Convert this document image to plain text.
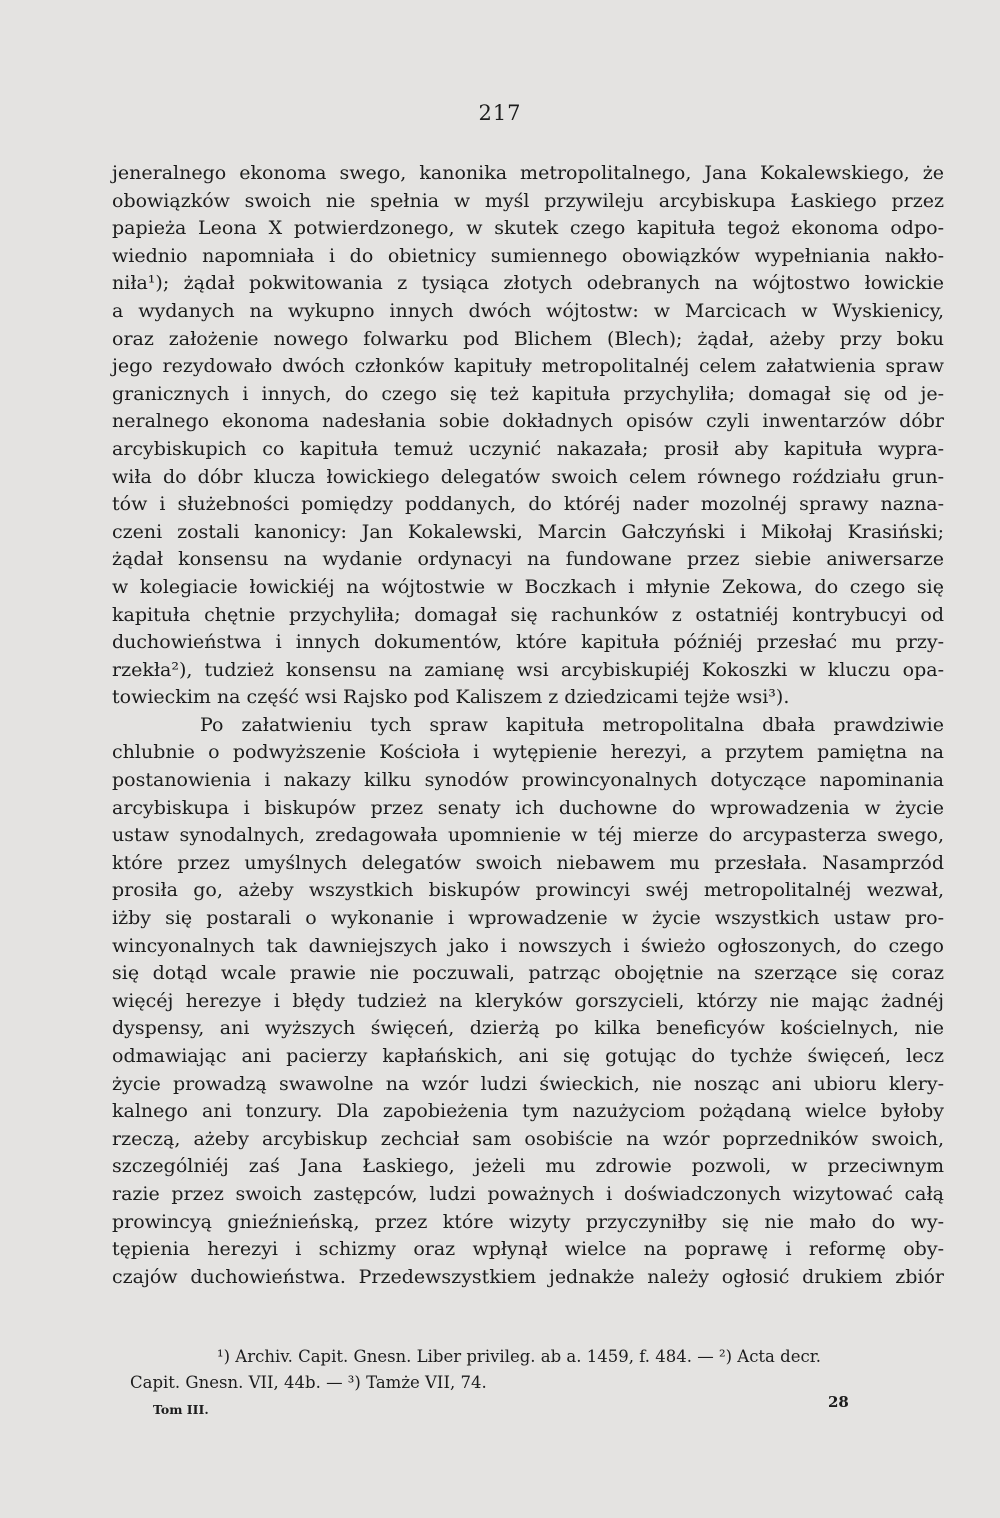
217
jeneralnego ekonoma swego, kanonika metropolitalnego, Jana Kokalewskiego, że
obowiązków swoich nie spełnia w myśl przywileju arcybiskupa Łaskiego przez
papieża Leona X potwierdzonego, w skutek czego kapituła tegoż ekonoma odpo-
wiednio napomniała i do obietnicy sumiennego obowiązków wypełniania nakło-
niła¹); żądał pokwitowania z tysiąca złotych odebranych na wójtostwo łowickie
a wydanych na wykupno innych dwóch wójtostw: w Marcicach w Wyskienicy,
oraz założenie nowego folwarku pod Blichem (Blech); żądał, ażeby przy boku
jego rezydowało dwóch członków kapituły metropolitalnéj celem załatwienia spraw
granicznych i innych, do czego się też kapituła przychyliła; domagał się od je-
neralnego ekonoma nadesłania sobie dokładnych opisów czyli inwentarzów dóbr
arcybiskupich co kapituła temuż uczynić nakazała; prosił aby kapituła wypra-
wiła do dóbr klucza łowickiego delegatów swoich celem równego roździału grun-
tów i służebności pomiędzy poddanych, do któréj nader mozolnéj sprawy nazna-
czeni zostali kanonicy: Jan Kokalewski, Marcin Gałczyński i Mikołaj Krasiński;
żądał konsensu na wydanie ordynacyi na fundowane przez siebie aniwersarze
w kolegiacie łowickiéj na wójtostwie w Boczkach i młynie Zekowa, do czego się
kapituła chętnie przychyliła; domagał się rachunków z ostatniéj kontrybucyi od
duchowieństwa i innych dokumentów, które kapituła późniéj przesłać mu przy-
rzekła²), tudzież konsensu na zamianę wsi arcybiskupiéj Kokoszki w kluczu opa-
towieckim na część wsi Rajsko pod Kaliszem z dziedzicami tejże wsi³).
Po załatwieniu tych spraw kapituła metropolitalna dbała prawdziwie
chlubnie o podwyższenie Kościoła i wytępienie herezyi, a przytem pamiętna na
postanowienia i nakazy kilku synodów prowincyonalnych dotyczące napominania
arcybiskupa i biskupów przez senaty ich duchowne do wprowadzenia w życie
ustaw synodalnych, zredagowała upomnienie w téj mierze do arcypasterza swego,
które przez umyślnych delegatów swoich niebawem mu przesłała. Nasamprzód
prosiła go, ażeby wszystkich biskupów prowincyi swéj metropolitalnéj wezwał,
iżby się postarali o wykonanie i wprowadzenie w życie wszystkich ustaw pro-
wincyonalnych tak dawniejszych jako i nowszych i świeżo ogłoszonych, do czego
się dotąd wcale prawie nie poczuwali, patrząc obojętnie na szerzące się coraz
więcéj herezye i błędy tudzież na kleryków gorszycieli, którzy nie mając żadnéj
dyspensy, ani wyższych święceń, dzierżą po kilka beneficyów kościelnych, nie
odmawiając ani pacierzy kapłańskich, ani się gotując do tychże święceń, lecz
życie prowadzą swawolne na wzór ludzi świeckich, nie nosząc ani ubioru klery-
kalnego ani tonzury. Dla zapobieżenia tym nazużyciom pożądaną wielce byłoby
rzeczą, ażeby arcybiskup zechciał sam osobiście na wzór poprzedników swoich,
szczególniéj zaś Jana Łaskiego, jeżeli mu zdrowie pozwoli, w przeciwnym
razie przez swoich zastępców, ludzi poważnych i doświadczonych wizytować całą
prowincyą gnieźnieńską, przez które wizyty przyczyniłby się nie mało do wy-
tępienia herezyi i schizmy oraz wpłynął wielce na poprawę i reformę oby-
czajów duchowieństwa. Przedewszystkiem jednakże należy ogłosić drukiem zbiór
¹) Archiv. Capit. Gnesn. Liber privileg. ab a. 1459, f. 484. — ²) Acta decr.
Capit. Gnesn. VII, 44b. — ³) Tamże VII, 74.
Tom III.	28
